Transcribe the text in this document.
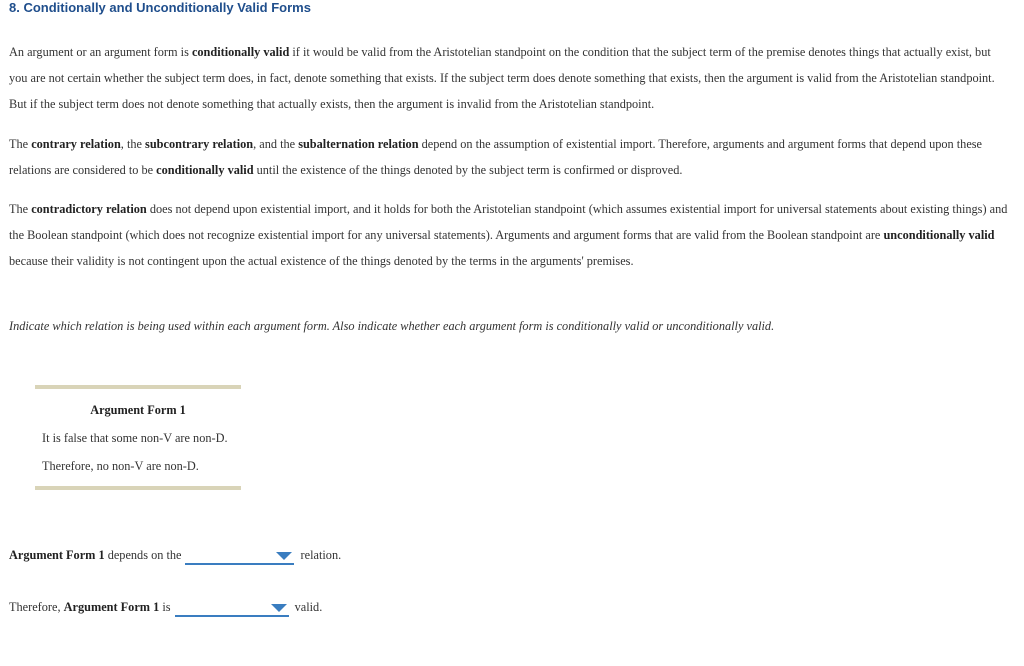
8. Conditionally and Unconditionally Valid Forms

An argument or an argument form is conditionally valid if it would be valid from the Aristotelian standpoint on the condition that the subject term of the premise denotes things that actually exist, but you are not certain whether the subject term does, in fact, denote something that exists. If the subject term does denote something that exists, then the argument is valid from the Aristotelian standpoint. But if the subject term does not denote something that actually exists, then the argument is invalid from the Aristotelian standpoint.

The contrary relation, the subcontrary relation, and the subalternation relation depend on the assumption of existential import. Therefore, arguments and argument forms that depend upon these relations are considered to be conditionally valid until the existence of the things denoted by the subject term is confirmed or disproved.

The contradictory relation does not depend upon existential import, and it holds for both the Aristotelian standpoint (which assumes existential import for universal statements about existing things) and the Boolean standpoint (which does not recognize existential import for any universal statements). Arguments and argument forms that are valid from the Boolean standpoint are unconditionally valid because their validity is not contingent upon the actual existence of the things denoted by the terms in the arguments' premises.

Indicate which relation is being used within each argument form. Also indicate whether each argument form is conditionally valid or unconditionally valid.
Argument Form 1
It is false that some non-V are non-D.
Therefore, no non-V are non-D.
Argument Form 1 depends on the	relation.
Therefore, Argument Form 1 is	valid.
